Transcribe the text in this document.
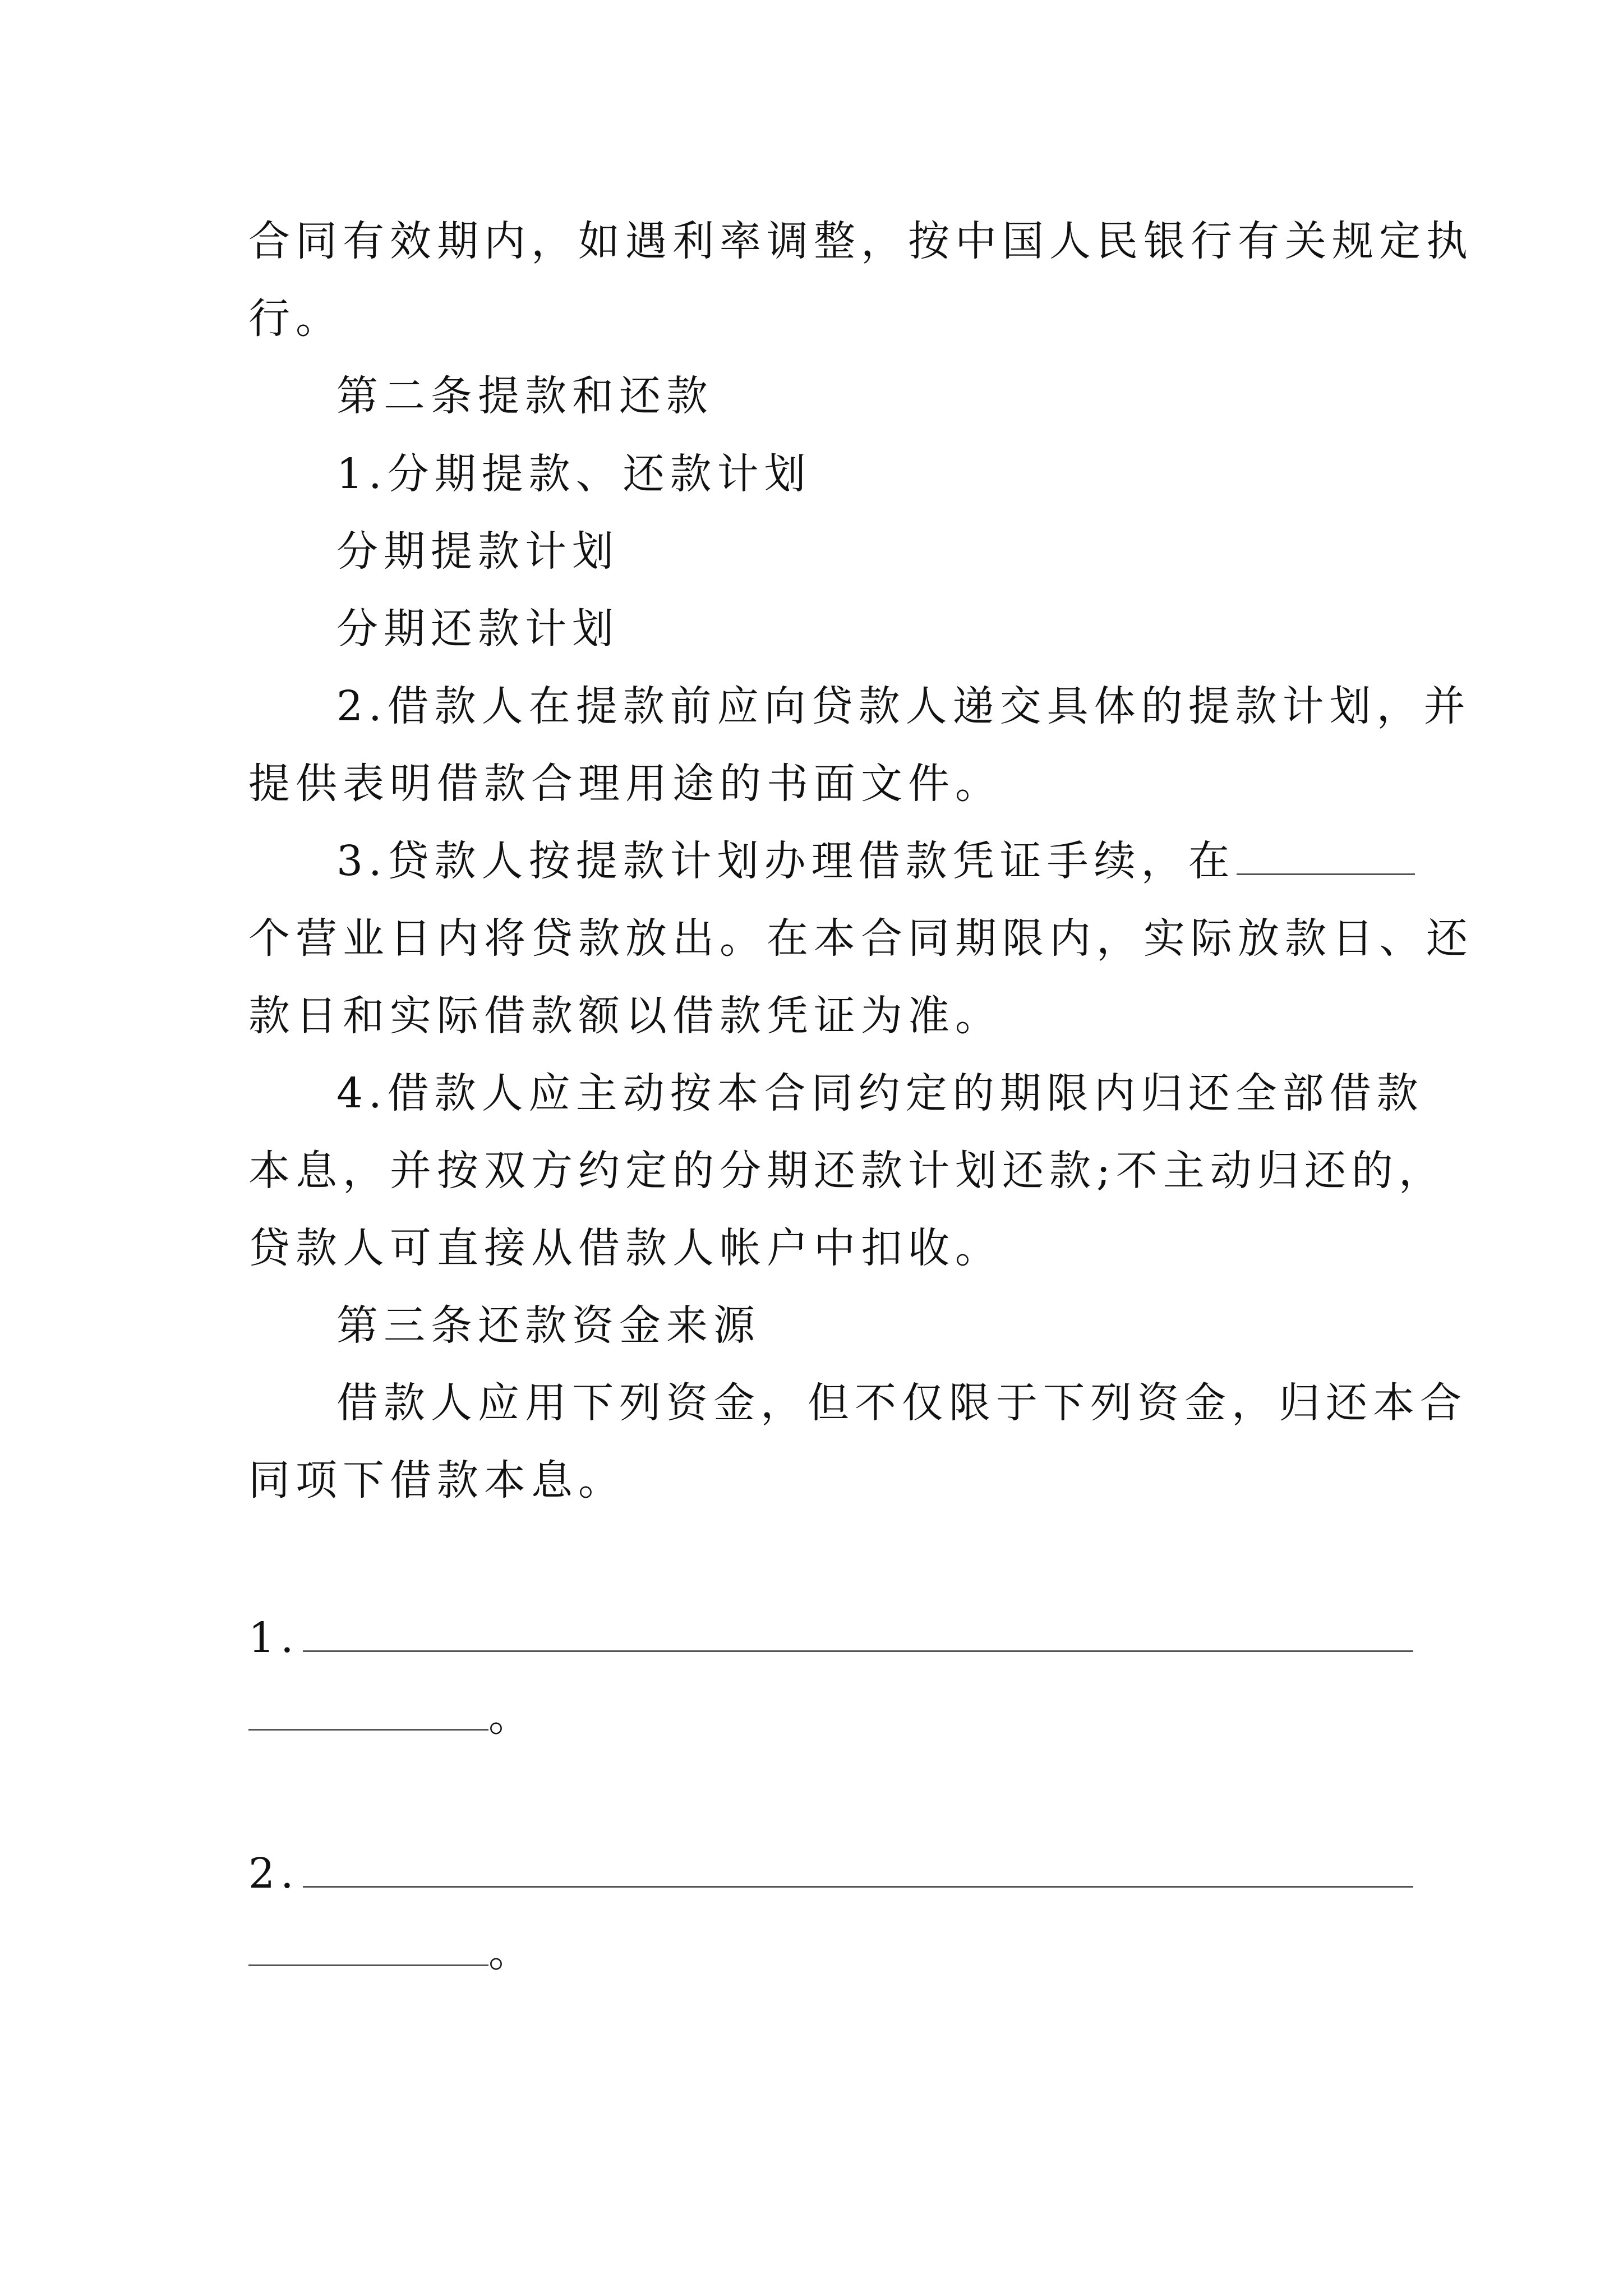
合同有效期内，如遇利率调整，按中国人民银行有关规定执
行。
第二条提款和还款
1.分期提款、还款计划
分期提款计划
分期还款计划
2.借款人在提款前应向贷款人递交具体的提款计划，并
提供表明借款合理用途的书面文件。
3.贷款人按提款计划办理借款凭证手续，在
个营业日内将贷款放出。在本合同期限内，实际放款日、还
款日和实际借款额以借款凭证为准。
4.借款人应主动按本合同约定的期限内归还全部借款
本息，并按双方约定的分期还款计划还款;不主动归还的，
贷款人可直接从借款人帐户中扣收。
第三条还款资金来源
借款人应用下列资金，但不仅限于下列资金，归还本合
同项下借款本息。
1.
。
2.
。
